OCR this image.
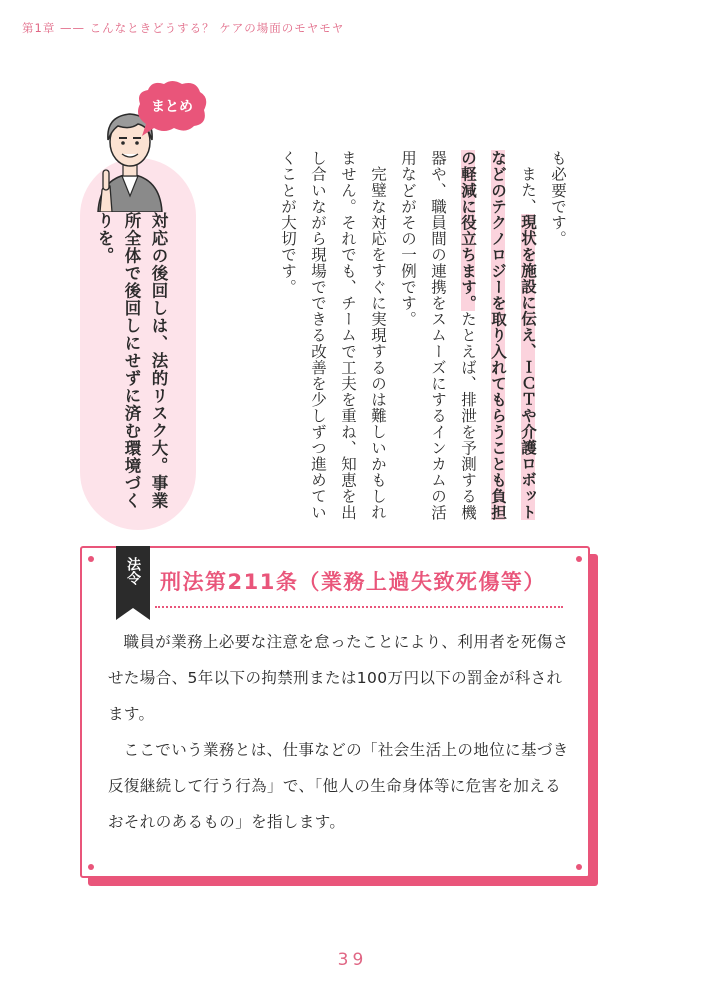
第1章 —— こんなときどうする？ ケアの場面のモヤモヤ

も必要です。

また、現状を施設に伝え、ＩＣＴや介護ロボットなどのテクノロジーを取り入れてもらうことも負担の軽減に役立ちます。たとえば、排泄を予測する機器や、職員間の連携をスムーズにするインカムの活用などがその一例です。

完璧な対応をすぐに実現するのは難しいかもしれません。それでも、チームで工夫を重ね、知恵を出し合いながら現場でできる改善を少しずつ進めていくことが大切です。

対応の後回しは、法的リスク大。事業所全体で後回しにせずに済む環境づくりを。
まとめ
法令 刑法第211条（業務上過失致死傷等）

職員が業務上必要な注意を怠ったことにより、利用者を死傷させた場合、5年以下の拘禁刑または100万円以下の罰金が科されます。

ここでいう業務とは、仕事などの「社会生活上の地位に基づき反復継続して行う行為」で、「他人の生命身体等に危害を加えるおそれのあるもの」を指します。

39
